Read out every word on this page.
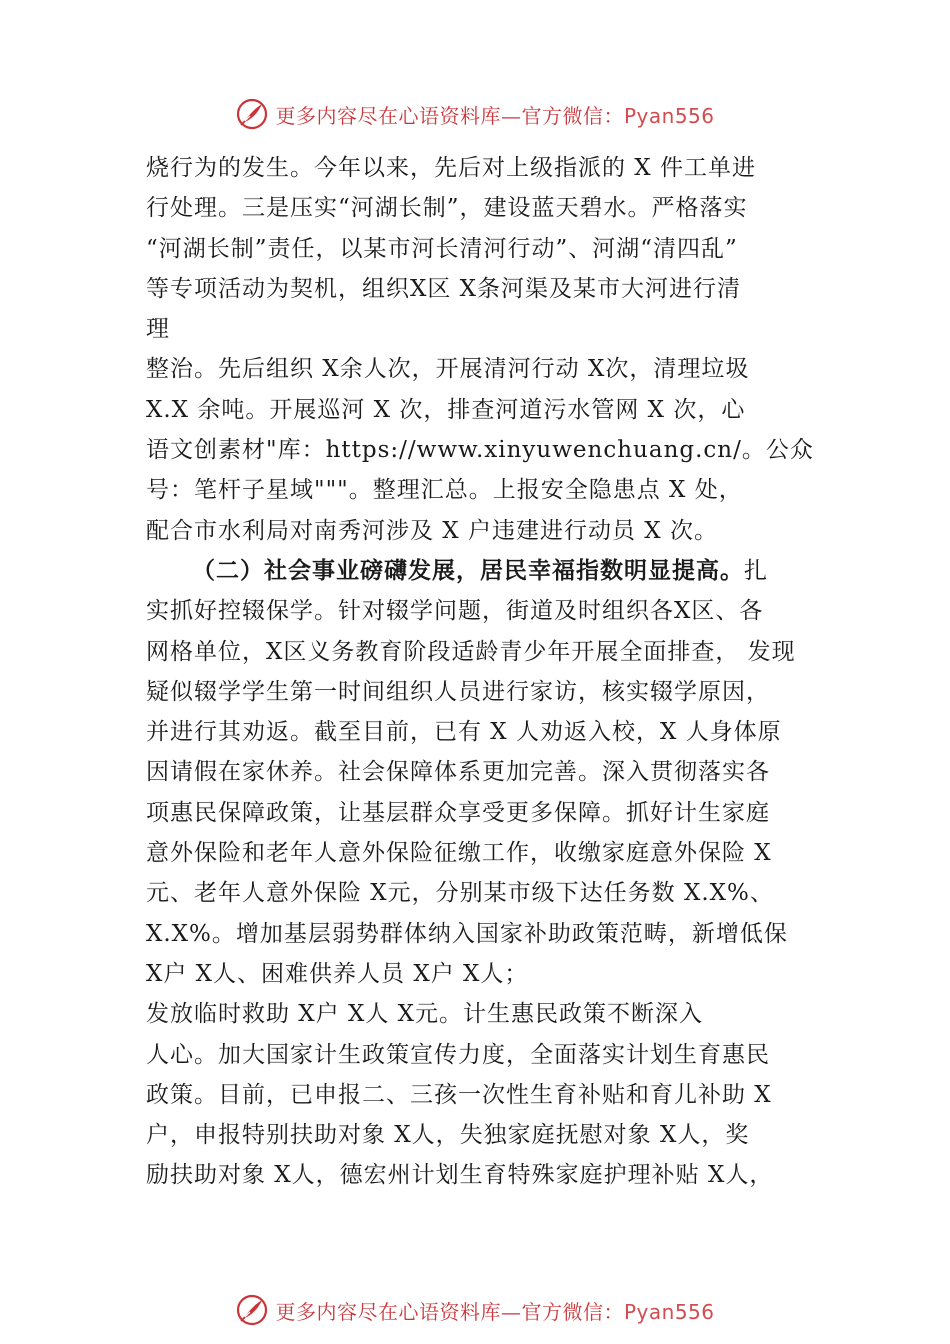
更多内容尽在心语资料库—官方微信：Pyan556
烧行为的发生。今年以来，先后对上级指派的 X 件工单进
行处理。三是压实“河湖长制”，建设蓝天碧水。严格落实
“河湖长制”责任，以某市河长清河行动”、河湖“清四乱”
等专项活动为契机，组织X区 X条河渠及某市大河进行清
理
整治。先后组织 X余人次，开展清河行动 X次，清理垃圾
X.X 余吨。开展巡河 X 次，排查河道污水管网 X 次，心
语文创素材"库：https://www.xinyuwenchuang.cn/。公众
号：笔杆子星域"""。整理汇总。上报安全隐患点 X 处，
配合市水利局对南秀河涉及 X 户违建进行动员 X 次。
（二）社会事业磅礴发展，居民幸福指数明显提高。扎
实抓好控辍保学。针对辍学问题，街道及时组织各X区、各
网格单位，X区义务教育阶段适龄青少年开展全面排查， 发现
疑似辍学学生第一时间组织人员进行家访，核实辍学原因，
并进行其劝返。截至目前，已有 X 人劝返入校，X 人身体原
因请假在家休养。社会保障体系更加完善。深入贯彻落实各
项惠民保障政策，让基层群众享受更多保障。抓好计生家庭
意外保险和老年人意外保险征缴工作，收缴家庭意外保险 X
元、老年人意外保险 X元，分别某市级下达任务数 X.X%、
X.X%。增加基层弱势群体纳入国家补助政策范畴，新增低保
X户 X人、困难供养人员 X户 X人；
发放临时救助 X户 X人 X元。计生惠民政策不断深入
人心。加大国家计生政策宣传力度，全面落实计划生育惠民
政策。目前，已申报二、三孩一次性生育补贴和育儿补助 X
户，申报特别扶助对象 X人，失独家庭抚慰对象 X人，奖
励扶助对象 X人，德宏州计划生育特殊家庭护理补贴 X人，
更多内容尽在心语资料库—官方微信：Pyan556
